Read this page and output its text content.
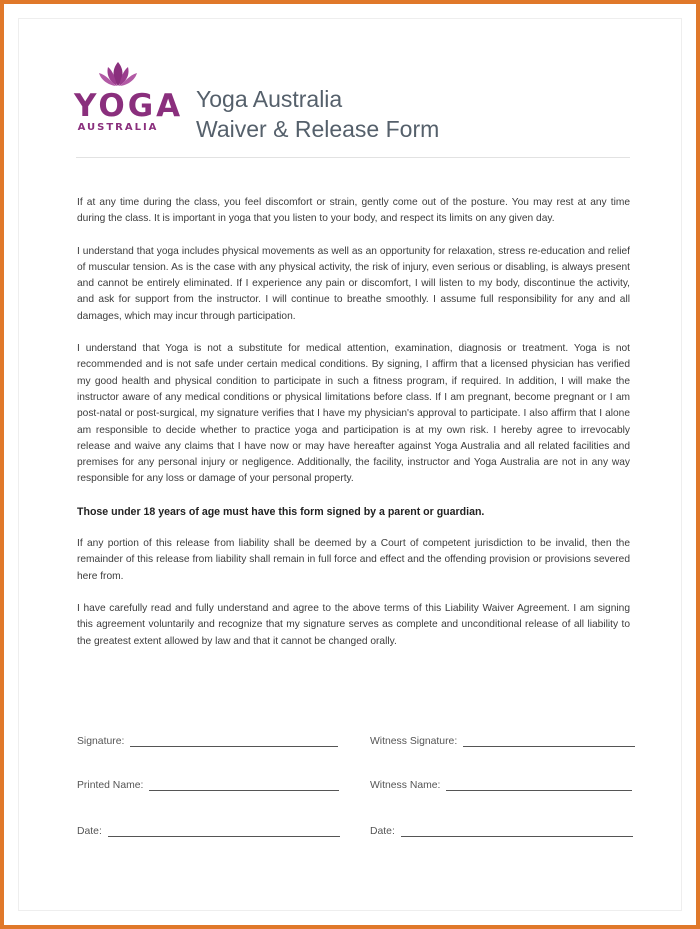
YOGA
AUSTRALIA
Yoga Australia
Waiver & Release Form

If at any time during the class, you feel discomfort or strain, gently come out of the posture. You may rest at any time during the class. It is important in yoga that you listen to your body, and respect its limits on any given day.

I understand that yoga includes physical movements as well as an opportunity for relaxation, stress re-education and relief of muscular tension. As is the case with any physical activity, the risk of injury, even serious or disabling, is always present and cannot be entirely eliminated. If I experience any pain or discomfort, I will listen to my body, discontinue the activity, and ask for support from the instructor. I will continue to breathe smoothly. I assume full responsibility for any and all damages, which may incur through participation.

I understand that Yoga is not a substitute for medical attention, examination, diagnosis or treatment. Yoga is not recommended and is not safe under certain medical conditions. By signing, I affirm that a licensed physician has verified my good health and physical condition to participate in such a fitness program, if required. In addition, I will make the instructor aware of any medical conditions or physical limitations before class. If I am pregnant, become pregnant or I am post-natal or post-surgical, my signature verifies that I have my physician's approval to participate. I also affirm that I alone am responsible to decide whether to practice yoga and participation is at my own risk. I hereby agree to irrevocably release and waive any claims that I have now or may have hereafter against Yoga Australia and all related facilities and premises for any personal injury or negligence. Additionally, the facility, instructor and Yoga Australia are not in any way responsible for any loss or damage of your personal property.

Those under 18 years of age must have this form signed by a parent or guardian.

If any portion of this release from liability shall be deemed by a Court of competent jurisdiction to be invalid, then the remainder of this release from liability shall remain in full force and effect and the offending provision or provisions severed here from.

I have carefully read and fully understand and agree to the above terms of this Liability Waiver Agreement. I am signing this agreement voluntarily and recognize that my signature serves as complete and unconditional release of all liability to the greatest extent allowed by law and that it cannot be changed orally.

Signature:	Witness Signature:
Printed Name:	Witness Name:
Date:	Date:
